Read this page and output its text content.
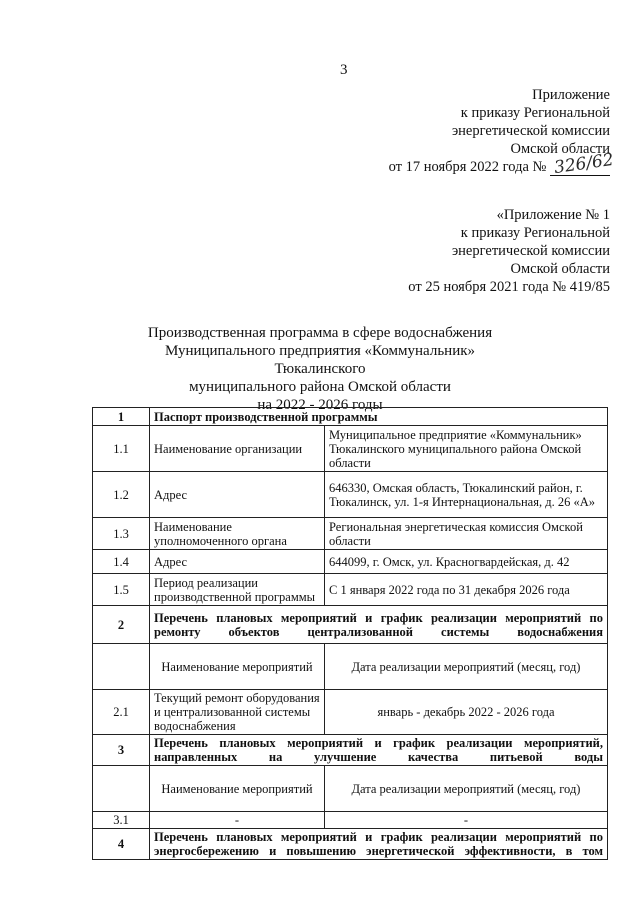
3
Приложение
к приказу Региональной
энергетической комиссии
Омской области
от 17 ноября 2022 года № 326/62
«Приложение № 1
к приказу Региональной
энергетической комиссии
Омской области
от 25 ноября 2021 года № 419/85
Производственная программа в сфере водоснабжения
Муниципального предприятия «Коммунальник» Тюкалинского
муниципального района Омской области
на 2022 - 2026 годы
1	Паспорт производственной программы	
1.1	Наименование организации	Муниципальное предприятие «Коммунальник» Тюкалинского муниципального района Омской области
1.2	Адрес	646330, Омская область, Тюкалинский район, г. Тюкалинск, ул. 1-я Интернациональная, д. 26 «А»
1.3	Наименование уполномоченного органа	Региональная энергетическая комиссия Омской области
1.4	Адрес	644099, г. Омск, ул. Красногвардейская, д. 42
1.5	Период реализации производственной программы	С 1 января 2022 года по 31 декабря 2026 года
2	Перечень плановых мероприятий и график реализации мероприятий по ремонту объектов централизованной системы водоснабжения	
	Наименование мероприятий	Дата реализации мероприятий (месяц, год)
2.1	Текущий ремонт оборудования и централизованной системы водоснабжения	январь - декабрь 2022 - 2026 года
3	Перечень плановых мероприятий и график реализации мероприятий, направленных на улучшение качества питьевой воды	
	Наименование мероприятий	Дата реализации мероприятий (месяц, год)
3.1	-	-
4	Перечень плановых мероприятий и график реализации мероприятий по энергосбережению и повышению энергетической эффективности, в том	
